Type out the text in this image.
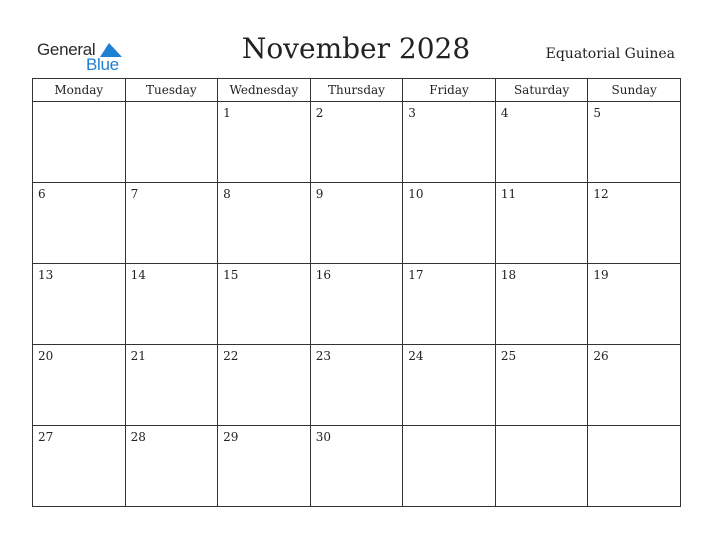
General
Blue	November 2028	Equatorial Guinea
Monday	Tuesday	Wednesday	Thursday	Friday	Saturday	Sunday
		1	2	3	4	5
6	7	8	9	10	11	12
13	14	15	16	17	18	19
20	21	22	23	24	25	26
27	28	29	30			
